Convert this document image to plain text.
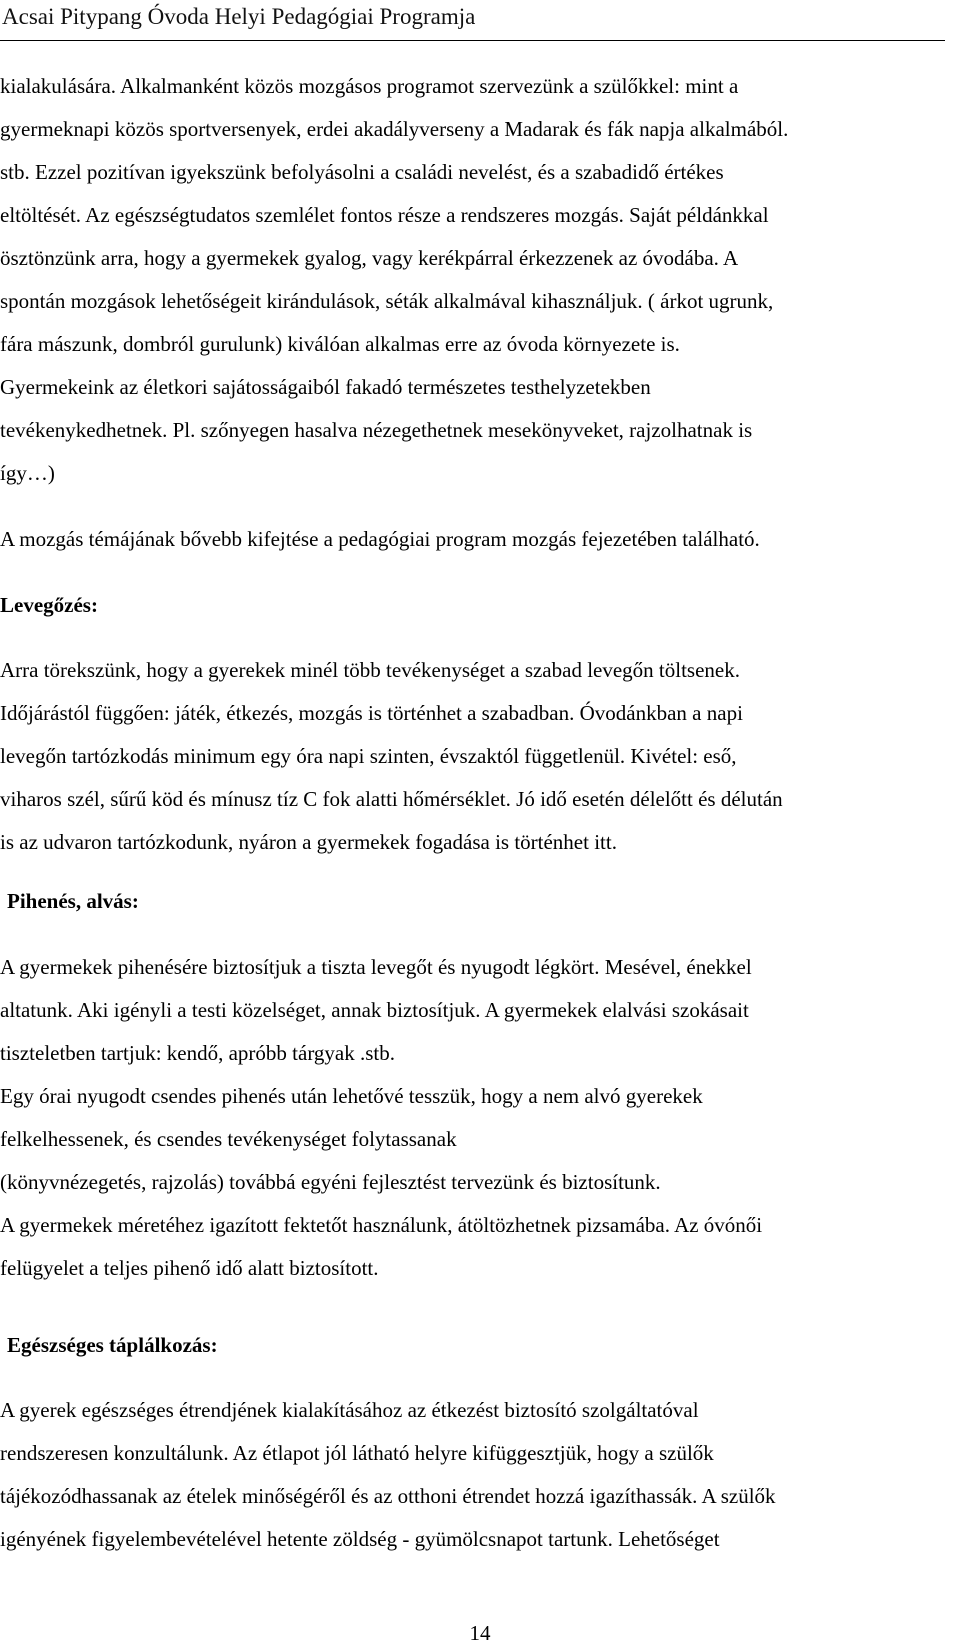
Acsai Pitypang Óvoda Helyi Pedagógiai Programja

kialakulására. Alkalmanként közös mozgásos programot szervezünk a szülőkkel: mint a

gyermeknapi közös sportversenyek, erdei akadályverseny a Madarak és fák napja alkalmából.

stb. Ezzel pozitívan igyekszünk befolyásolni a családi nevelést, és a szabadidő értékes

eltöltését. Az egészségtudatos szemlélet fontos része a rendszeres mozgás. Saját példánkkal

ösztönzünk arra, hogy a gyermekek gyalog, vagy kerékpárral érkezzenek az óvodába. A

spontán mozgások lehetőségeit kirándulások, séták alkalmával kihasználjuk. ( árkot ugrunk,

fára mászunk, dombról gurulunk) kiválóan alkalmas erre az óvoda környezete is.

Gyermekeink az életkori sajátosságaiból fakadó természetes testhelyzetekben

tevékenykedhetnek. Pl. szőnyegen hasalva nézegethetnek mesekönyveket, rajzolhatnak is

így…)

A mozgás témájának bővebb kifejtése a pedagógiai program mozgás fejezetében található.

Levegőzés:

Arra törekszünk, hogy a gyerekek minél több tevékenységet a szabad levegőn töltsenek.

Időjárástól függően: játék, étkezés, mozgás is történhet a szabadban. Óvodánkban a napi

levegőn tartózkodás minimum egy óra napi szinten, évszaktól függetlenül. Kivétel: eső,

viharos szél, sűrű köd és mínusz tíz C fok alatti hőmérséklet. Jó idő esetén délelőtt és délután

is az udvaron tartózkodunk, nyáron a gyermekek fogadása is történhet itt.

Pihenés, alvás:

A gyermekek pihenésére biztosítjuk a tiszta levegőt és nyugodt légkört. Mesével, énekkel

altatunk. Aki igényli a testi közelséget, annak biztosítjuk. A gyermekek elalvási szokásait

tiszteletben tartjuk: kendő, apróbb tárgyak .stb.

Egy órai nyugodt csendes pihenés után lehetővé tesszük, hogy a nem alvó gyerekek

felkelhessenek, és csendes tevékenységet folytassanak

(könyvnézegetés, rajzolás) továbbá egyéni fejlesztést tervezünk és biztosítunk.

A gyermekek méretéhez igazított fektetőt használunk, átöltözhetnek pizsamába. Az óvónői

felügyelet a teljes pihenő idő alatt biztosított.

Egészséges táplálkozás:

A gyerek egészséges étrendjének kialakításához az étkezést biztosító szolgáltatóval

rendszeresen konzultálunk. Az étlapot jól látható helyre kifüggesztjük, hogy a szülők

tájékozódhassanak az ételek minőségéről és az otthoni étrendet hozzá igazíthassák. A szülők

igényének figyelembevételével hetente zöldség - gyümölcsnapot tartunk. Lehetőséget

14
